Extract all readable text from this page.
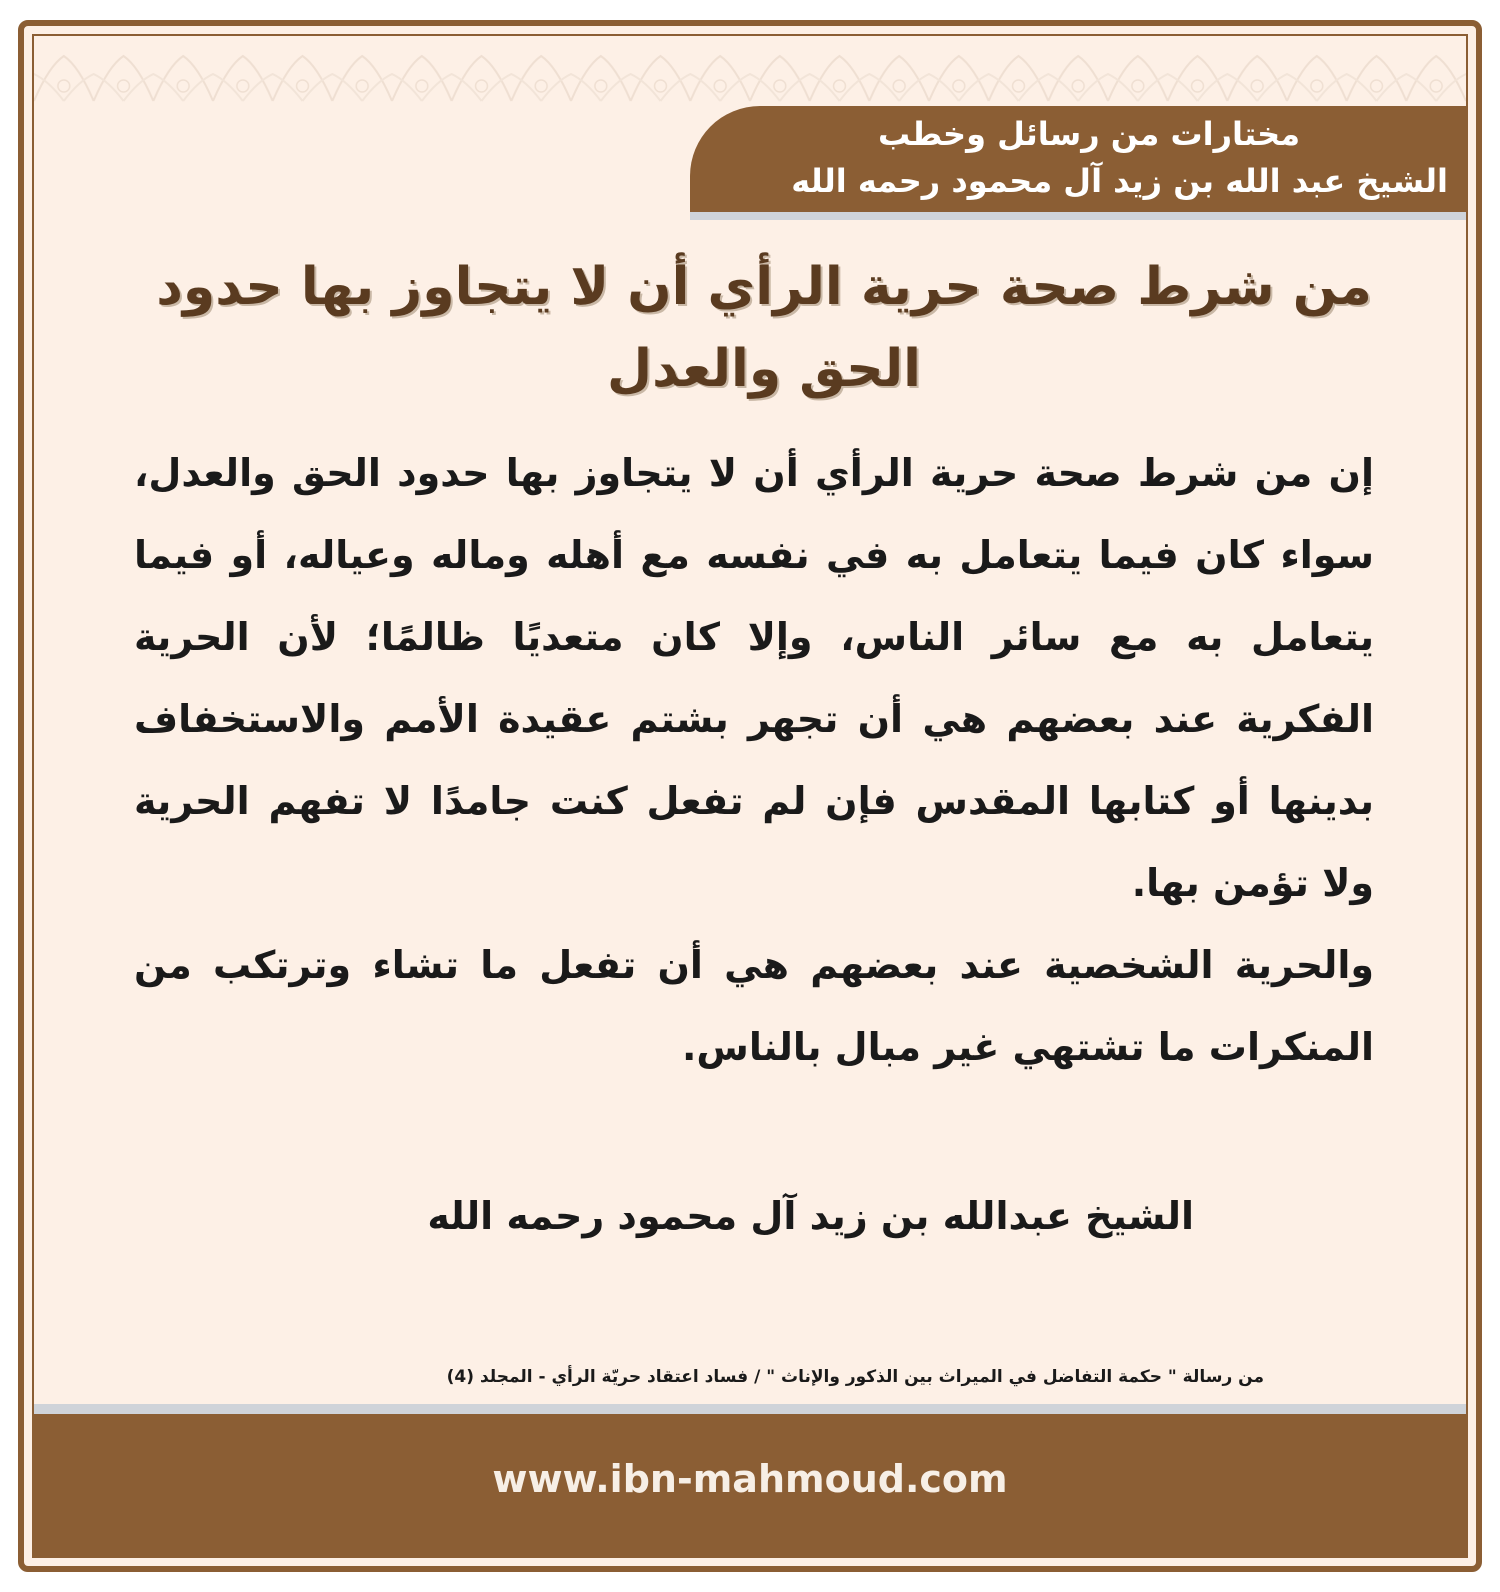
مختارات من رسائل وخطب
الشيخ عبد الله بن زيد آل محمود رحمه الله
من شرط صحة حرية الرأي أن لا يتجاوز بها حدود الحق والعدل

إن من شرط صحة حرية الرأي أن لا يتجاوز بها حدود الحق والعدل، سواء كان فيما يتعامل به في نفسه مع أهله وماله وعياله، أو فيما يتعامل به مع سائر الناس، وإلا كان متعديًا ظالمًا؛ لأن الحرية الفكرية عند بعضهم هي أن تجهر بشتم عقيدة الأمم والاستخفاف بدينها أو كتابها المقدس فإن لم تفعل كنت جامدًا لا تفهم الحرية ولا تؤمن بها.

والحرية الشخصية عند بعضهم هي أن تفعل ما تشاء وترتكب من المنكرات ما تشتهي غير مبال بالناس.

الشيخ عبدالله بن زيد آل محمود رحمه الله
من رسالة " حكمة التفاضل في الميراث بين الذكور والإناث " / فساد اعتقاد حريّة الرأي - المجلد (4)
www.ibn-mahmoud.com
